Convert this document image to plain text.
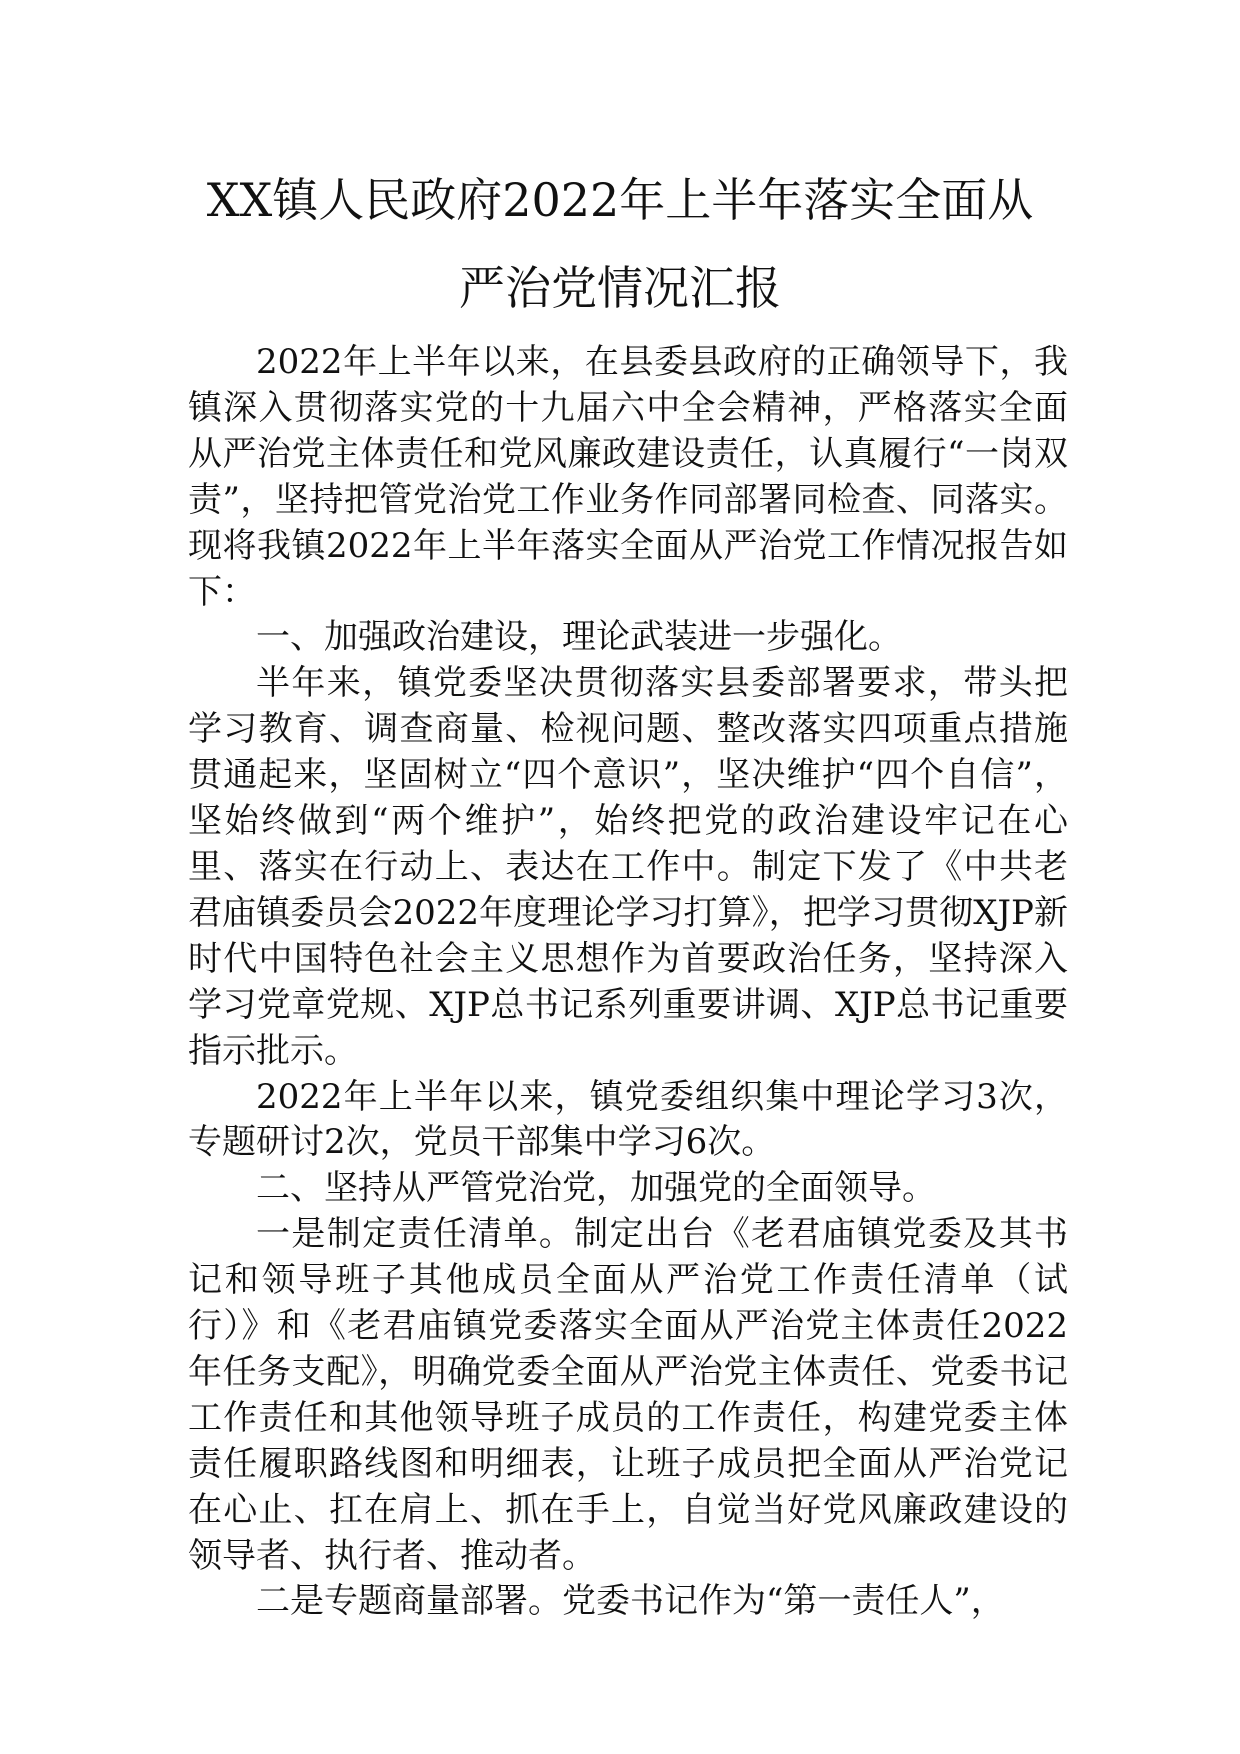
XX镇人民政府2022年上半年落实全面从
严治党情况汇报

2022年上半年以来，在县委县政府的正确领导下，我镇深入贯彻落实党的十九届六中全会精神，严格落实全面从严治党主体责任和党风廉政建设责任，认真履行“一岗双责”，坚持把管党治党工作业务作同部署同检查、同落实。现将我镇2022年上半年落实全面从严治党工作情况报告如下：

一、加强政治建设，理论武装进一步强化。

半年来，镇党委坚决贯彻落实县委部署要求，带头把学习教育、调查商量、检视问题、整改落实四项重点措施贯通起来，坚固树立“四个意识”，坚决维护“四个自信”，坚始终做到“两个维护”，始终把党的政治建设牢记在心里、落实在行动上、表达在工作中。制定下发了《中共老君庙镇委员会2022年度理论学习打算》，把学习贯彻XJP新时代中国特色社会主义思想作为首要政治任务，坚持深入学习党章党规、XJP总书记系列重要讲调、XJP总书记重要指示批示。

2022年上半年以来，镇党委组织集中理论学习3次，专题研讨2次，党员干部集中学习6次。

二、坚持从严管党治党，加强党的全面领导。

一是制定责任清单。制定出台《老君庙镇党委及其书记和领导班子其他成员全面从严治党工作责任清单（试行）》和《老君庙镇党委落实全面从严治党主体责任2022年任务支配》，明确党委全面从严治党主体责任、党委书记工作责任和其他领导班子成员的工作责任，构建党委主体责任履职路线图和明细表，让班子成员把全面从严治党记在心止、扛在肩上、抓在手上，自觉当好党风廉政建设的领导者、执行者、推动者。

二是专题商量部署。党委书记作为“第一责任人”，
